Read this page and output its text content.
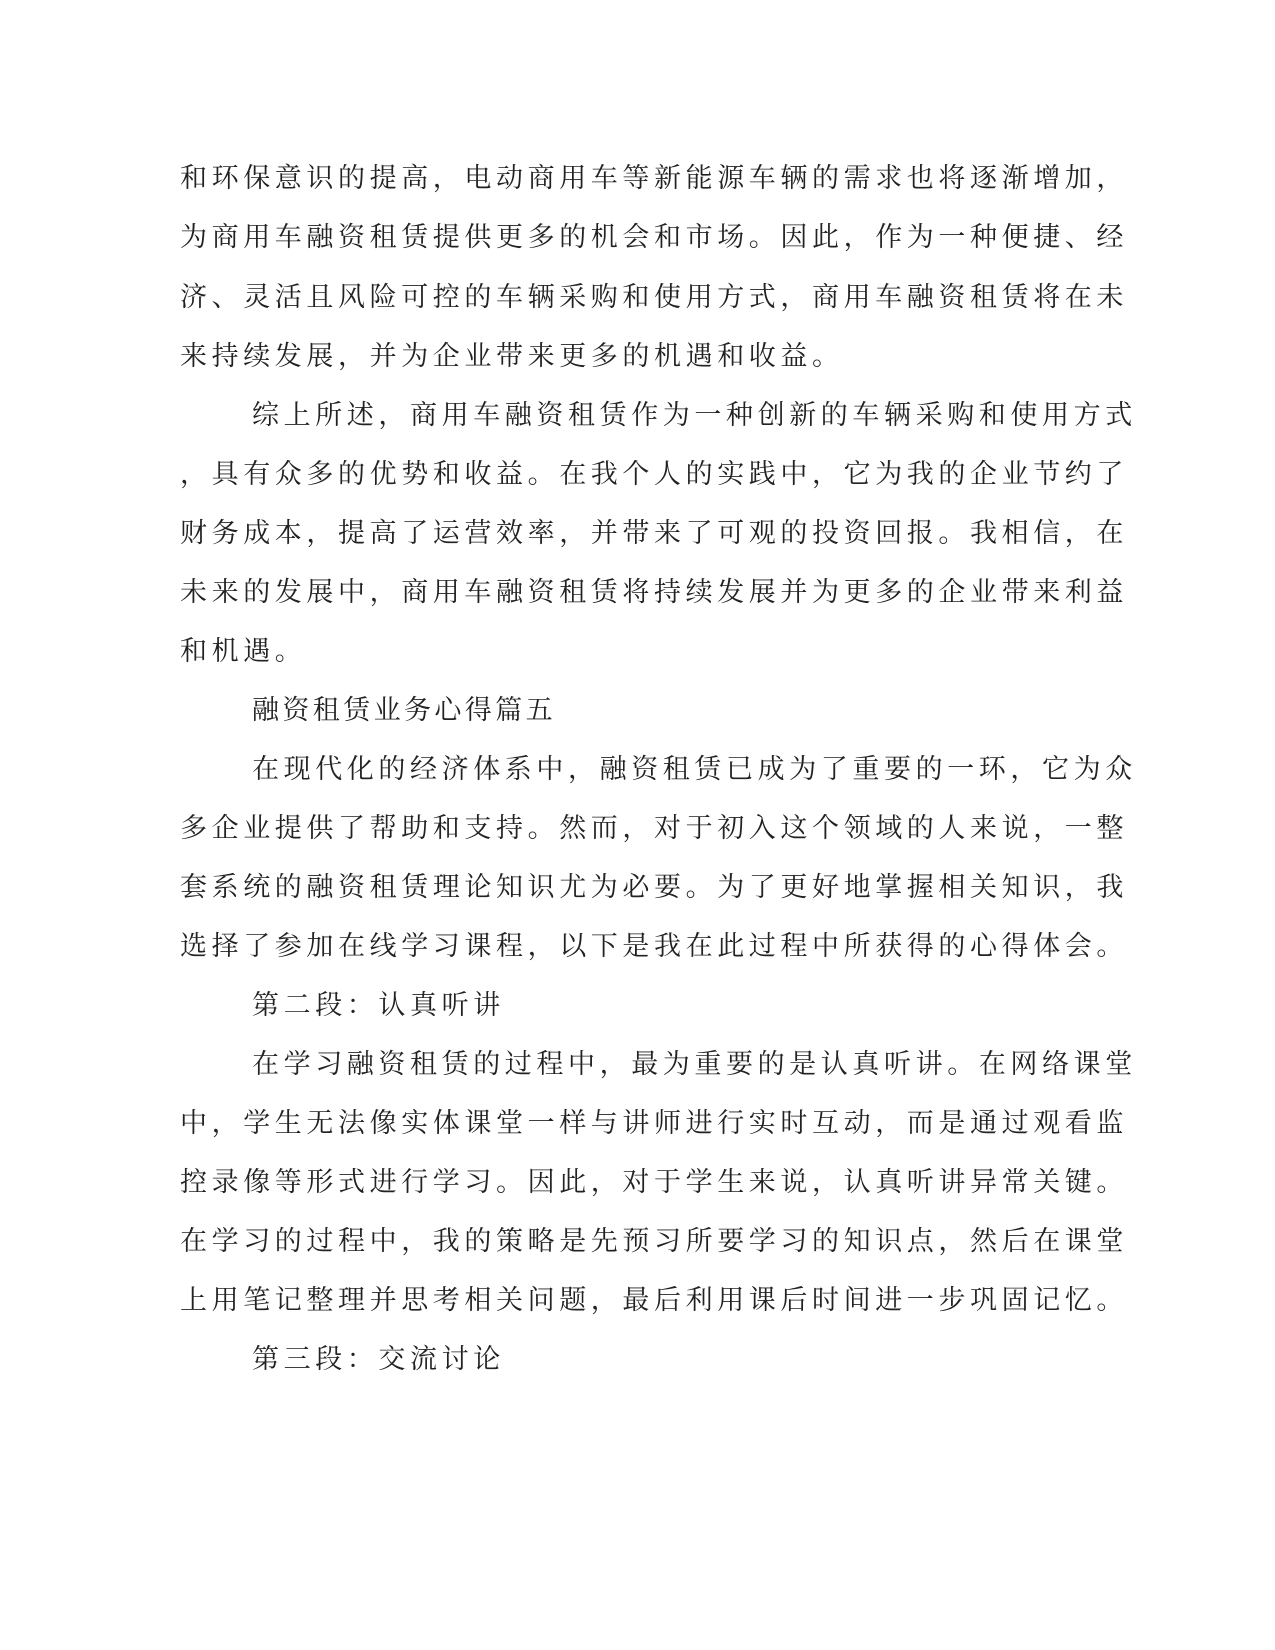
和环保意识的提高，电动商用车等新能源车辆的需求也将逐渐增加，

为商用车融资租赁提供更多的机会和市场。因此，作为一种便捷、经

济、灵活且风险可控的车辆采购和使用方式，商用车融资租赁将在未

来持续发展，并为企业带来更多的机遇和收益。

综上所述，商用车融资租赁作为一种创新的车辆采购和使用方式

，具有众多的优势和收益。在我个人的实践中，它为我的企业节约了

财务成本，提高了运营效率，并带来了可观的投资回报。我相信，在

未来的发展中，商用车融资租赁将持续发展并为更多的企业带来利益

和机遇。

融资租赁业务心得篇五

在现代化的经济体系中，融资租赁已成为了重要的一环，它为众

多企业提供了帮助和支持。然而，对于初入这个领域的人来说，一整

套系统的融资租赁理论知识尤为必要。为了更好地掌握相关知识，我

选择了参加在线学习课程，以下是我在此过程中所获得的心得体会。

第二段：认真听讲

在学习融资租赁的过程中，最为重要的是认真听讲。在网络课堂

中，学生无法像实体课堂一样与讲师进行实时互动，而是通过观看监

控录像等形式进行学习。因此，对于学生来说，认真听讲异常关键。

在学习的过程中，我的策略是先预习所要学习的知识点，然后在课堂

上用笔记整理并思考相关问题，最后利用课后时间进一步巩固记忆。

第三段：交流讨论
